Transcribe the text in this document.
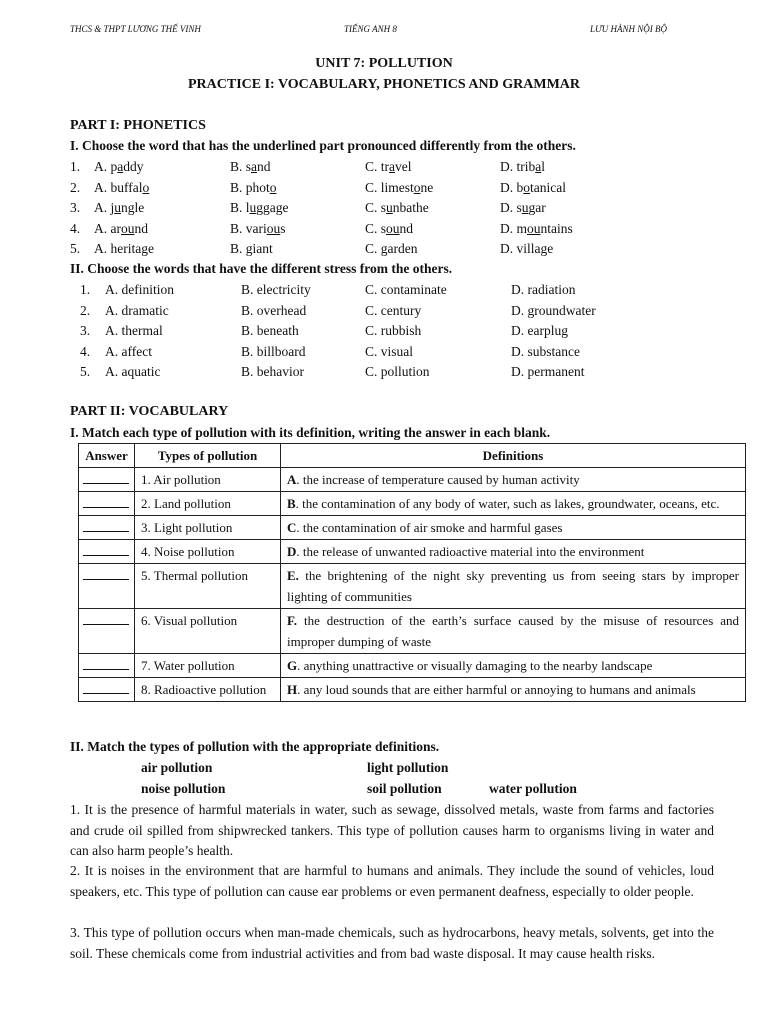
THCS & THPT LƯƠNG THẾ VINH	TIẾNG ANH 8	LƯU HÀNH NỘI BỘ
UNIT 7: POLLUTION
PRACTICE I: VOCABULARY, PHONETICS AND GRAMMAR
PART I: PHONETICS
I. Choose the word that has the underlined part pronounced differently from the others.
1. A. paddy	B. sand	C. travel	D. tribal
2. A. buffalo	B. photo	C. limestone	D. botanical
3. A. jungle	B. luggage	C. sunbathe	D. sugar
4. A. around	B. various	C. sound	D. mountains
5. A. heritage	B. giant	C. garden	D. village
II. Choose the words that have the different stress from the others.
1. A. definition	B. electricity	C. contaminate	D. radiation
2. A. dramatic	B. overhead	C. century	D. groundwater
3. A. thermal	B. beneath	C. rubbish	D. earplug
4. A. affect	B. billboard	C. visual	D. substance
5. A. aquatic	B. behavior	C. pollution	D. permanent
PART II: VOCABULARY
I. Match each type of pollution with its definition, writing the answer in each blank.
Answer	Types of pollution	Definitions
	1. Air pollution	A. the increase of temperature caused by human activity
	2. Land pollution	B. the contamination of any body of water, such as lakes, groundwater, oceans, etc.
	3. Light pollution	C. the contamination of air smoke and harmful gases
	4. Noise pollution	D. the release of unwanted radioactive material into the environment
	5. Thermal pollution	E. the brightening of the night sky preventing us from seeing stars by improper lighting of communities
	6. Visual pollution	F. the destruction of the earth’s surface caused by the misuse of resources and improper dumping of waste
	7. Water pollution	G. anything unattractive or visually damaging to the nearby landscape
	8. Radioactive pollution	H. any loud sounds that are either harmful or annoying to humans and animals
II. Match the types of pollution with the appropriate definitions.
air pollution	light pollution
noise pollution	soil pollution	water pollution
1. It is the presence of harmful materials in water, such as sewage, dissolved metals, waste from farms and factories and crude oil spilled from shipwrecked tankers. This type of pollution causes harm to organisms living in water and can also harm people’s health.
2. It is noises in the environment that are harmful to humans and animals. They include the sound of vehicles, loud speakers, etc. This type of pollution can cause ear problems or even permanent deafness, especially to older people.
3. This type of pollution occurs when man-made chemicals, such as hydrocarbons, heavy metals, solvents, get into the soil. These chemicals come from industrial activities and from bad waste disposal. It may cause health risks.
